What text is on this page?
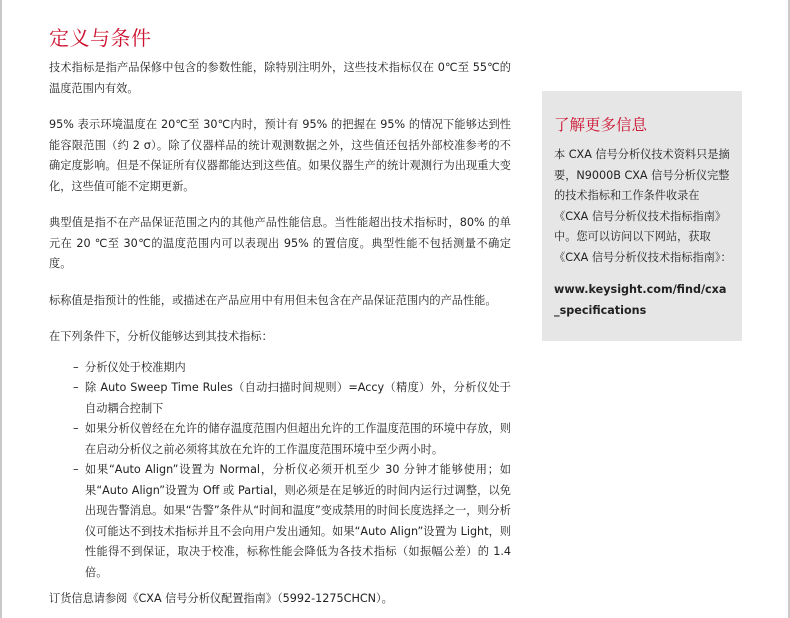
定义与条件

技术指标是指产品保修中包含的参数性能，除特别注明外，这些技术指标仅在 0℃至 55℃的温度范围内有效。

95% 表示环境温度在 20℃至 30℃内时，预计有 95% 的把握在 95% 的情况下能够达到性能容限范围（约 2 σ）。除了仪器样品的统计观测数据之外，这些值还包括外部校准参考的不确定度影响。但是不保证所有仪器都能达到这些值。如果仪器生产的统计观测行为出现重大变化，这些值可能不定期更新。

典型值是指不在产品保证范围之内的其他产品性能信息。当性能超出技术指标时，80% 的单元在 20 ℃至 30℃的温度范围内可以表现出 95% 的置信度。典型性能不包括测量不确定度。

标称值是指预计的性能，或描述在产品应用中有用但未包含在产品保证范围内的产品性能。

在下列条件下，分析仪能够达到其技术指标：

– 分析仪处于校准期内
– 除 Auto Sweep Time Rules（自动扫描时间规则）=Accy（精度）外，分析仪处于自动耦合控制下
– 如果分析仪曾经在允许的储存温度范围内但超出允许的工作温度范围的环境中存放，则在启动分析仪之前必须将其放在允许的工作温度范围环境中至少两小时。
– 如果“Auto Align”设置为 Normal，分析仪必须开机至少 30 分钟才能够使用；如果“Auto Align”设置为 Off 或 Partial，则必须是在足够近的时间内运行过调整，以免出现告警消息。如果“告警”条件从“时间和温度”变成禁用的时间长度选择之一，则分析仪可能达不到技术指标并且不会向用户发出通知。如果“Auto Align”设置为 Light，则性能得不到保证，取决于校准，标称性能会降低为各技术指标（如振幅公差）的 1.4 倍。

订货信息请参阅《CXA 信号分析仪配置指南》（5992-1275CHCN）。

了解更多信息

本 CXA 信号分析仪技术资料只是摘要，N9000B CXA 信号分析仪完整的技术指标和工作条件收录在《CXA 信号分析仪技术指标指南》中。您可以访问以下网站，获取《CXA 信号分析仪技术指标指南》：

www.keysight.com/find/cxa_specifications
